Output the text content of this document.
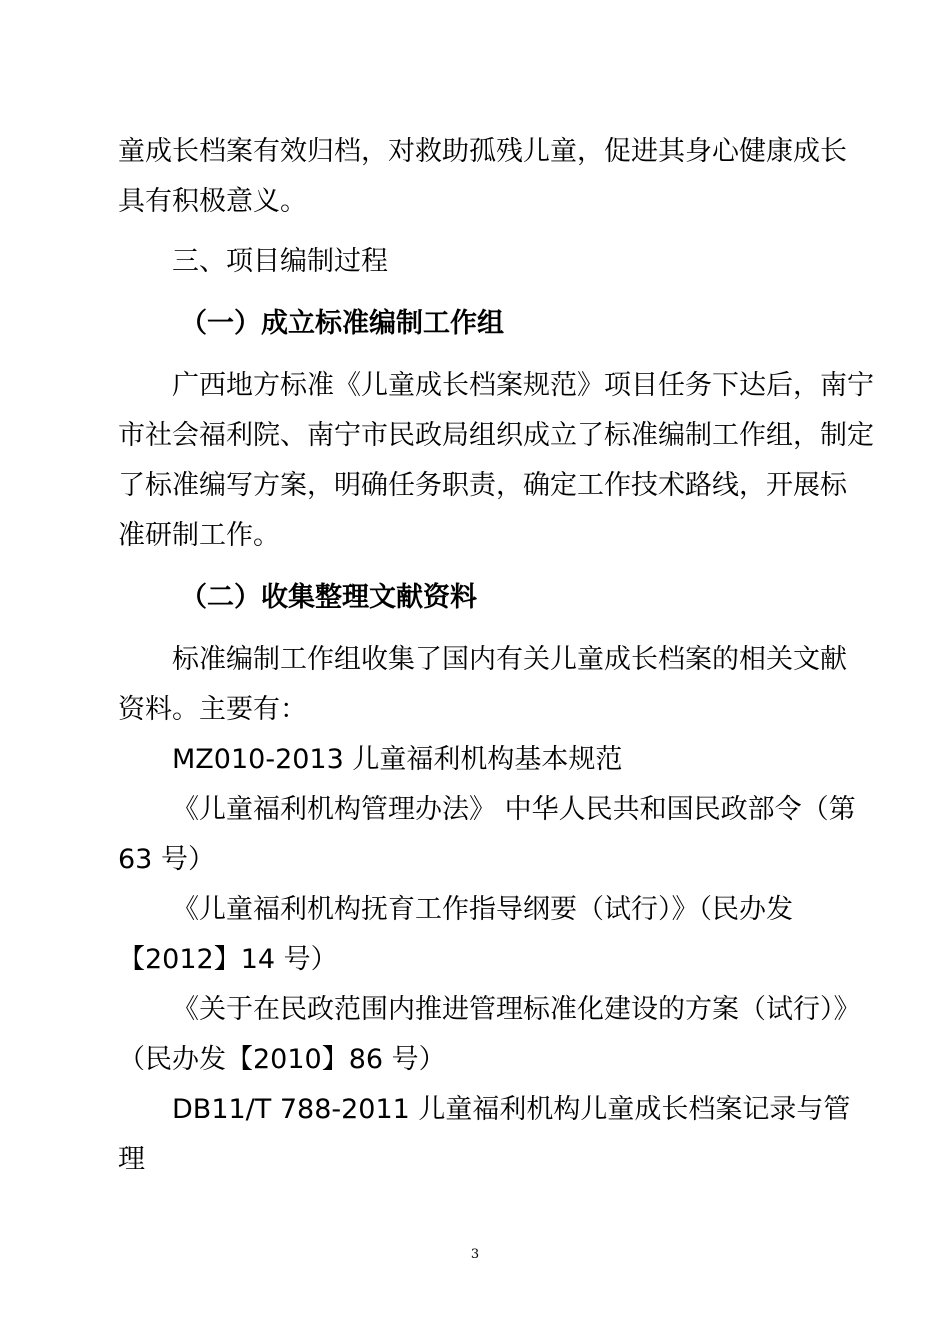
童成长档案有效归档，对救助孤残儿童，促进其身心健康成长
具有积极意义。
三、项目编制过程
（一）成立标准编制工作组
广西地方标准《儿童成长档案规范》项目任务下达后，南宁
市社会福利院、南宁市民政局组织成立了标准编制工作组，制定
了标准编写方案，明确任务职责，确定工作技术路线，开展标
准研制工作。
（二）收集整理文献资料
标准编制工作组收集了国内有关儿童成长档案的相关文献
资料。主要有：
MZ010-2013 儿童福利机构基本规范
《儿童福利机构管理办法》 中华人民共和国民政部令（第
63 号）
《儿童福利机构抚育工作指导纲要（试行）》（民办发
【2012】14 号）
《关于在民政范围内推进管理标准化建设的方案（试行）》
（民办发【2010】86 号）
DB11/T 788-2011 儿童福利机构儿童成长档案记录与管
理
3
